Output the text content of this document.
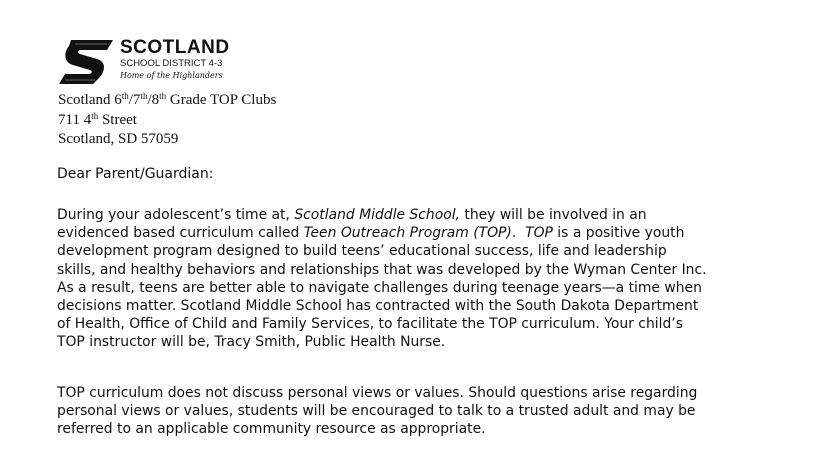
SCOTLAND
SCHOOL DISTRICT 4-3
Home of the Highlanders
Scotland 6th/7th/8th Grade TOP Clubs
711 4th Street
Scotland, SD 57059
Dear Parent/Guardian:
During your adolescent’s time at, Scotland Middle School, they will be involved in an
evidenced based curriculum called Teen Outreach Program (TOP).  TOP is a positive youth
development program designed to build teens’ educational success, life and leadership
skills, and healthy behaviors and relationships that was developed by the Wyman Center Inc.
As a result, teens are better able to navigate challenges during teenage years—a time when
decisions matter. Scotland Middle School has contracted with the South Dakota Department
of Health, Office of Child and Family Services, to facilitate the TOP curriculum. Your child’s
TOP instructor will be, Tracy Smith, Public Health Nurse.
TOP curriculum does not discuss personal views or values. Should questions arise regarding
personal views or values, students will be encouraged to talk to a trusted adult and may be
referred to an applicable community resource as appropriate.
